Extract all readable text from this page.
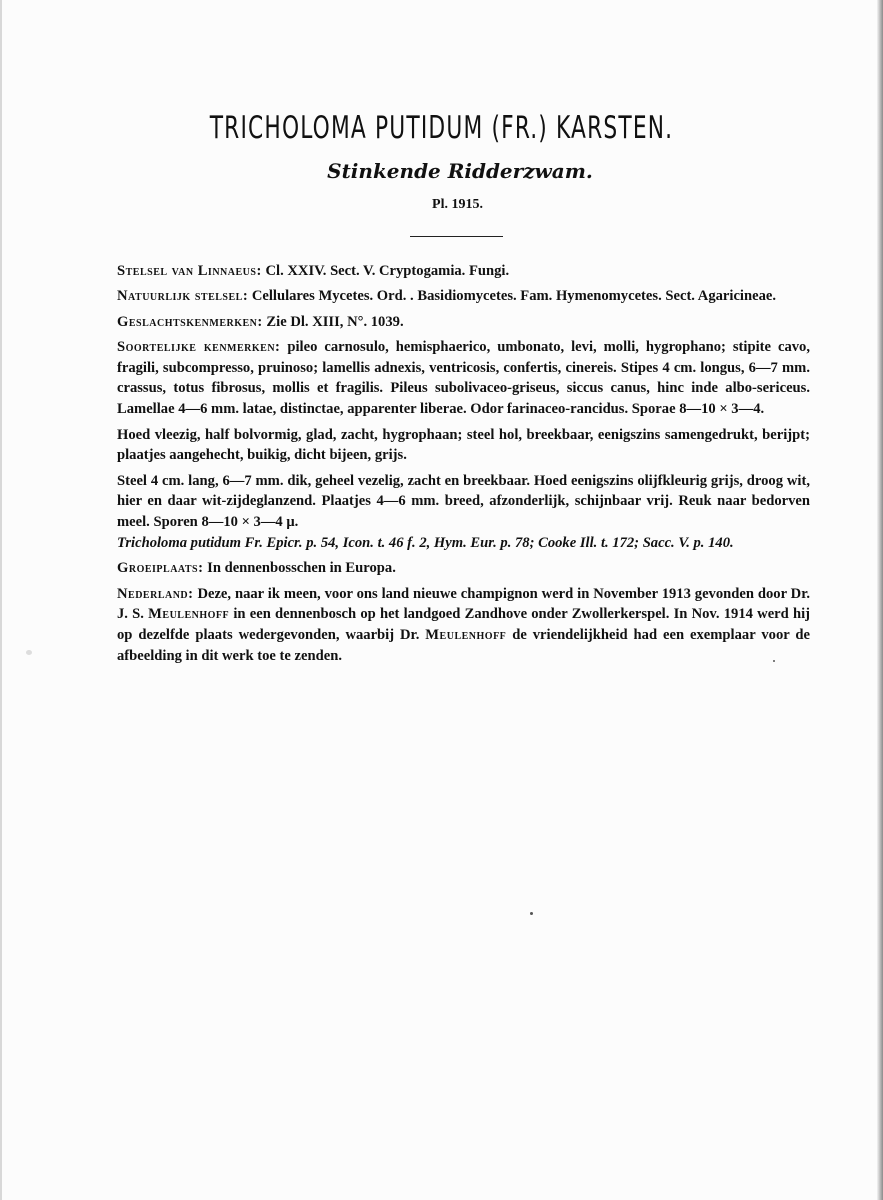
TRICHOLOMA PUTIDUM (FR.) KARSTEN.
Stinkende Ridderzwam.
Pl. 1915.

Stelsel van Linnaeus: Cl. XXIV. Sect. V. Cryptogamia. Fungi.

Natuurlijk stelsel: Cellulares Mycetes. Ord. . Basidiomycetes. Fam. Hymenomycetes. Sect. Agaricineae.

Geslachtskenmerken: Zie Dl. XIII, N°. 1039.

Soortelijke kenmerken: pileo carnosulo, hemisphaerico, umbonato, levi, molli, hygrophano; stipite cavo, fragili, subcompresso, pruinoso; lamellis adnexis, ventricosis, confertis, cinereis. Stipes 4 cm. longus, 6—7 mm. crassus, totus fibrosus, mollis et fragilis. Pileus subolivaceo-griseus, siccus canus, hinc inde albo-sericeus. Lamellae 4—6 mm. latae, distinctae, apparenter liberae. Odor farinaceo-rancidus. Sporae 8—10 × 3—4.

Hoed vleezig, half bolvormig, glad, zacht, hygrophaan; steel hol, breekbaar, eenigszins samengedrukt, berijpt; plaatjes aangehecht, buikig, dicht bijeen, grijs.

Steel 4 cm. lang, 6—7 mm. dik, geheel vezelig, zacht en breekbaar. Hoed eenigszins olijfkleurig grijs, droog wit, hier en daar wit-zijdeglanzend. Plaatjes 4—6 mm. breed, afzonderlijk, schijnbaar vrij. Reuk naar bedorven meel. Sporen 8—10 × 3—4 μ.

Tricholoma putidum Fr. Epicr. p. 54, Icon. t. 46 f. 2, Hym. Eur. p. 78; Cooke Ill. t. 172; Sacc. V. p. 140.

Groeiplaats: In dennenbosschen in Europa.

Nederland: Deze, naar ik meen, voor ons land nieuwe champignon werd in November 1913 gevonden door Dr. J. S. Meulenhoff in een dennenbosch op het landgoed Zandhove onder Zwollerkerspel. In Nov. 1914 werd hij op dezelfde plaats wedergevonden, waarbij Dr. Meulenhoff de vriendelijkheid had een exemplaar voor de afbeelding in dit werk toe te zenden.
